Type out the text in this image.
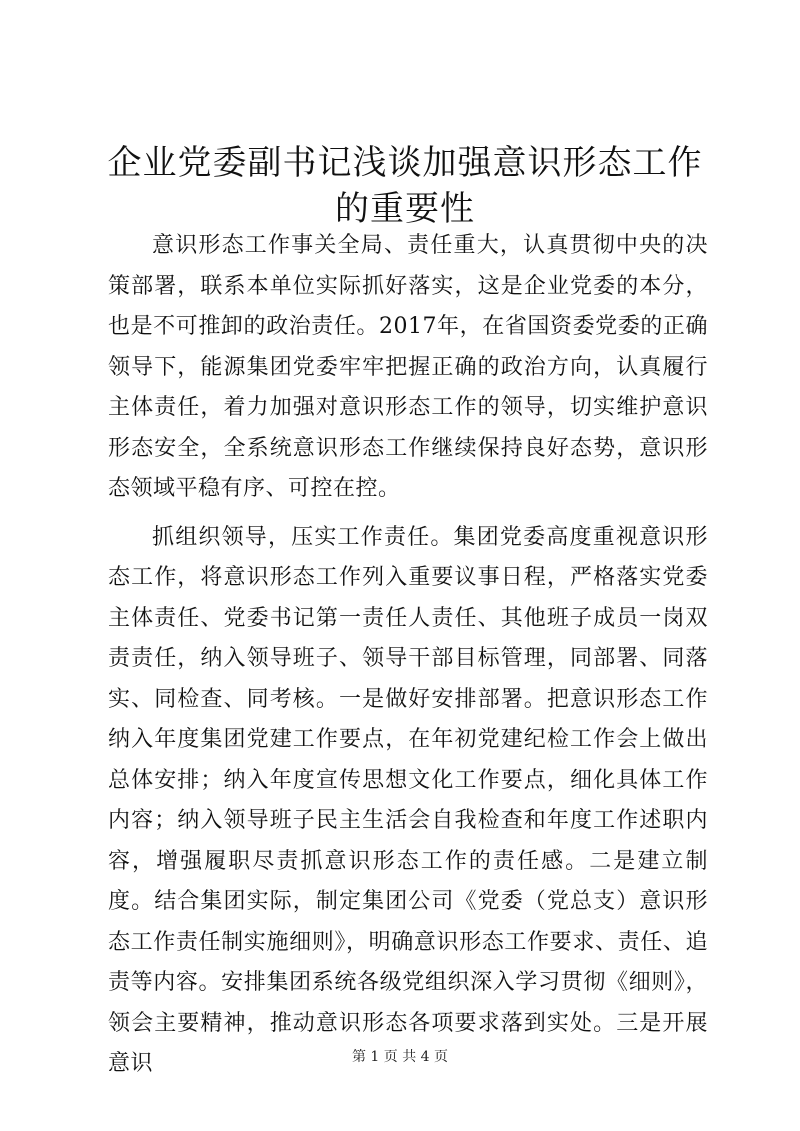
企业党委副书记浅谈加强意识形态工作的重要性

意识形态工作事关全局、责任重大，认真贯彻中央的决策部署，联系本单位实际抓好落实，这是企业党委的本分，也是不可推卸的政治责任。2017年，在省国资委党委的正确领导下，能源集团党委牢牢把握正确的政治方向，认真履行主体责任，着力加强对意识形态工作的领导，切实维护意识形态安全，全系统意识形态工作继续保持良好态势，意识形态领域平稳有序、可控在控。

抓组织领导，压实工作责任。集团党委高度重视意识形态工作，将意识形态工作列入重要议事日程，严格落实党委主体责任、党委书记第一责任人责任、其他班子成员一岗双责责任，纳入领导班子、领导干部目标管理，同部署、同落实、同检查、同考核。一是做好安排部署。把意识形态工作纳入年度集团党建工作要点，在年初党建纪检工作会上做出总体安排；纳入年度宣传思想文化工作要点，细化具体工作内容；纳入领导班子民主生活会自我检查和年度工作述职内容，增强履职尽责抓意识形态工作的责任感。二是建立制度。结合集团实际，制定集团公司《党委（党总支）意识形态工作责任制实施细则》，明确意识形态工作要求、责任、追责等内容。安排集团系统各级党组织深入学习贯彻《细则》，领会主要精神，推动意识形态各项要求落到实处。三是开展意识	第 1 页 共 4 页
